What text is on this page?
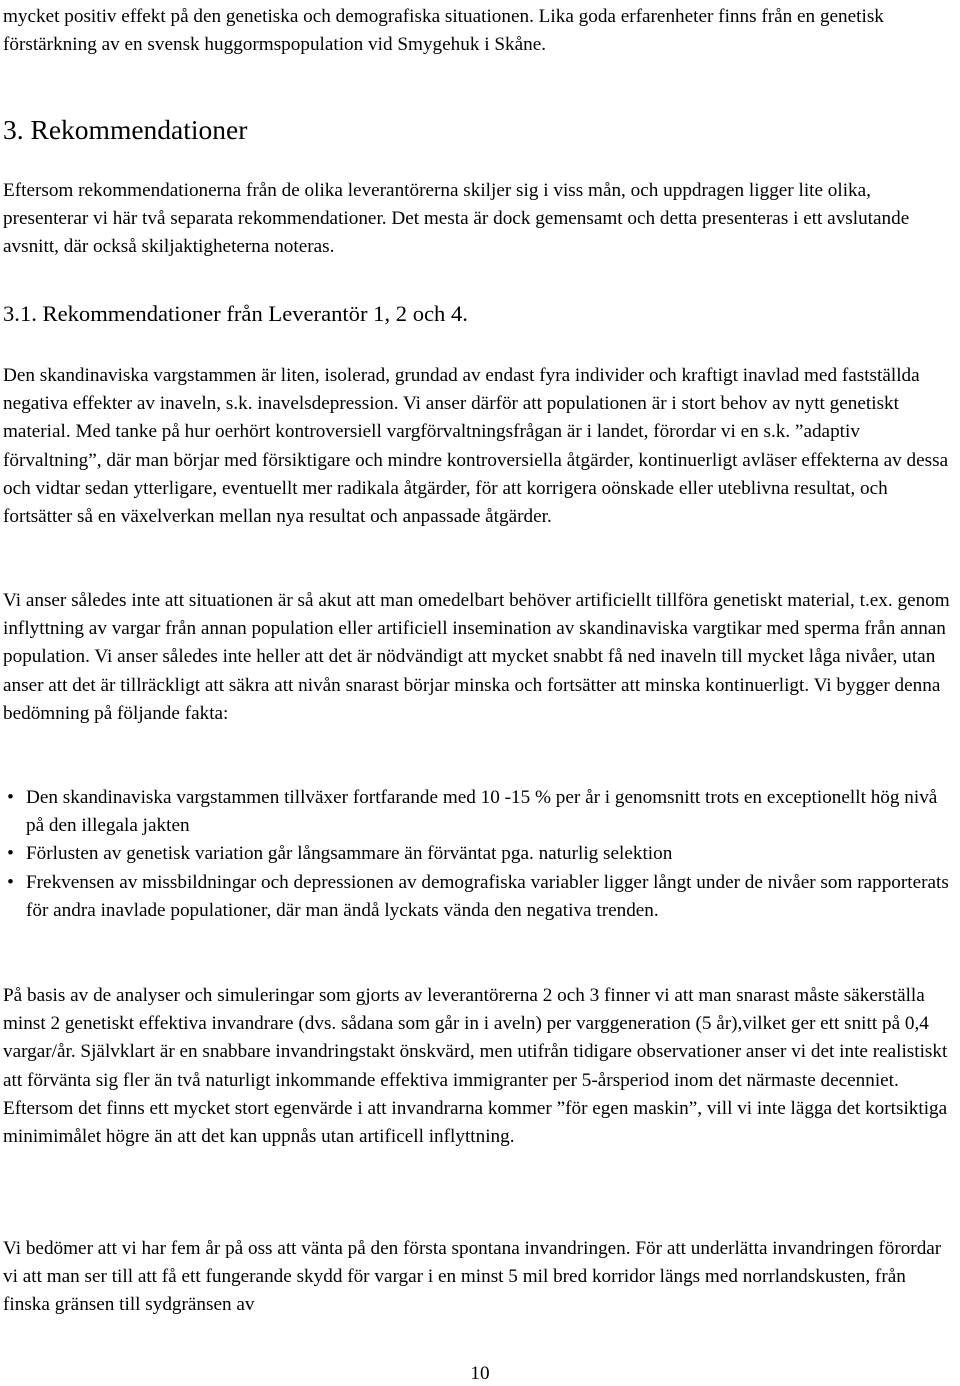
mycket positiv effekt på den genetiska och demografiska situationen. Lika goda erfarenheter finns från en genetisk förstärkning av en svensk huggormspopulation vid Smygehuk i Skåne.

3. Rekommendationer

Eftersom rekommendationerna från de olika leverantörerna skiljer sig i viss mån, och uppdragen ligger lite olika, presenterar vi här två separata rekommendationer. Det mesta är dock gemensamt och detta presenteras i ett avslutande avsnitt, där också skiljaktigheterna noteras.

3.1. Rekommendationer från Leverantör 1, 2 och 4.

Den skandinaviska vargstammen är liten, isolerad, grundad av endast fyra individer och kraftigt inavlad med fastställda negativa effekter av inaveln, s.k. inavelsdepression. Vi anser därför att populationen är i stort behov av nytt genetiskt material. Med tanke på hur oerhört kontroversiell vargförvaltningsfrågan är i landet, förordar vi en s.k. ”adaptiv förvaltning”, där man börjar med försiktigare och mindre kontroversiella åtgärder, kontinuerligt avläser effekterna av dessa och vidtar sedan ytterligare, eventuellt mer radikala åtgärder, för att korrigera oönskade eller uteblivna resultat, och fortsätter så en växelverkan mellan nya resultat och anpassade åtgärder.

Vi anser således inte att situationen är så akut att man omedelbart behöver artificiellt tillföra genetiskt material, t.ex. genom inflyttning av vargar från annan population eller artificiell insemination av skandinaviska vargtikar med sperma från annan population. Vi anser således inte heller att det är nödvändigt att mycket snabbt få ned inaveln till mycket låga nivåer, utan anser att det är tillräckligt att säkra att nivån snarast börjar minska och fortsätter att minska kontinuerligt. Vi bygger denna bedömning på följande fakta:

• Den skandinaviska vargstammen tillväxer fortfarande med 10 -15 % per år i genomsnitt trots en exceptionellt hög nivå på den illegala jakten
• Förlusten av genetisk variation går långsammare än förväntat pga. naturlig selektion
• Frekvensen av missbildningar och depressionen av demografiska variabler ligger långt under de nivåer som rapporterats för andra inavlade populationer, där man ändå lyckats vända den negativa trenden.

På basis av de analyser och simuleringar som gjorts av leverantörerna 2 och 3 finner vi att man snarast måste säkerställa minst 2 genetiskt effektiva invandrare (dvs. sådana som går in i aveln) per varggeneration (5 år),vilket ger ett snitt på 0,4 vargar/år. Självklart är en snabbare invandringstakt önskvärd, men utifrån tidigare observationer anser vi det inte realistiskt att förvänta sig fler än två naturligt inkommande effektiva immigranter per 5-årsperiod inom det närmaste decenniet. Eftersom det finns ett mycket stort egenvärde i att invandrarna kommer ”för egen maskin”, vill vi inte lägga det kortsiktiga minimimålet högre än att det kan uppnås utan artificell inflyttning.

Vi bedömer att vi har fem år på oss att vänta på den första spontana invandringen. För att underlätta invandringen förordar vi att man ser till att få ett fungerande skydd för vargar i en minst 5 mil bred korridor längs med norrlandskusten, från finska gränsen till sydgränsen av

10
